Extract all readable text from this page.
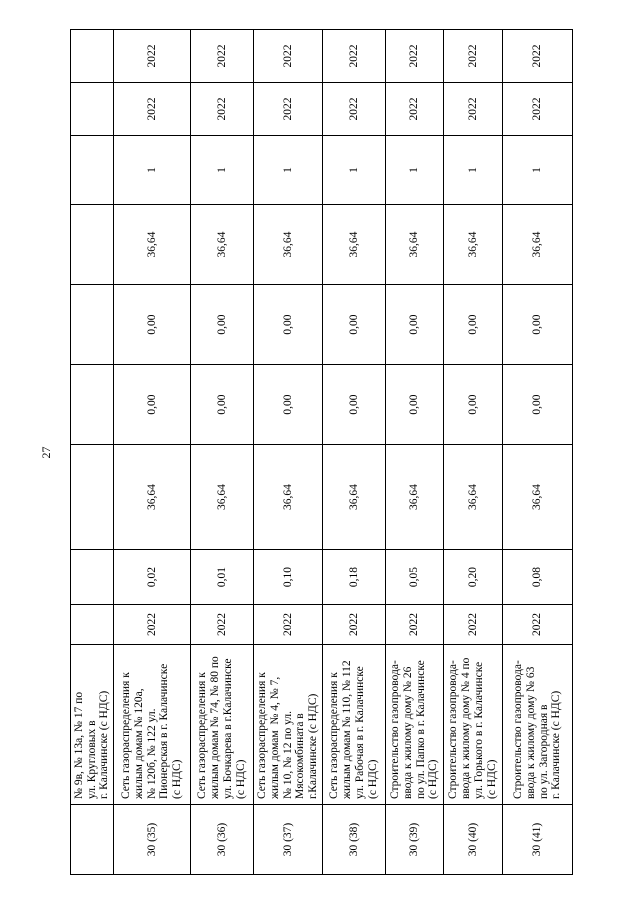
27

	№ 9в, № 13а, № 17 по ул. Кругловых в г. Калачинске (с НДС)									

30 (35)	Сеть газораспределения к жилым домам № 120а, № 120б, № 122 ул. Пионерская в г. Калачинске (с НДС)	2022	0,02	36,64	0,00	0,00	36,64	1	2022	2022
30 (36)	Сеть газораспределения к жилым домам № 74, № 80 по ул. Бочкарева в г.Калачинске (с НДС)	2022	0,01	36,64	0,00	0,00	36,64	1	2022	2022
30 (37)	Сеть газораспределения к жилым домам  № 4, № 7, № 10, № 12 по ул. Мясокомбината в г.Калачинске (с НДС)	2022	0,10	36,64	0,00	0,00	36,64	1	2022	2022
30 (38)	Сеть газораспределения к жилым домам № 110, № 112 ул. Рабочая в г. Калачинске (с НДС)	2022	0,18	36,64	0,00	0,00	36,64	1	2022	2022
30 (39)	Строительство газопровода- ввода к жилому дому № 26 по ул. Папко в г. Калачинске (с НДС)	2022	0,05	36,64	0,00	0,00	36,64	1	2022	2022
30 (40)	Строительство газопровода- ввода к жилому дому № 4 по ул. Горького в г. Калачинске (с НДС)	2022	0,20	36,64	0,00	0,00	36,64	1	2022	2022
30 (41)	Строительство газопровода- ввода к жилому дому № 63 по ул. Загородная в г. Калачинске (с НДС)	2022	0,08	36,64	0,00	0,00	36,64	1	2022	2022
